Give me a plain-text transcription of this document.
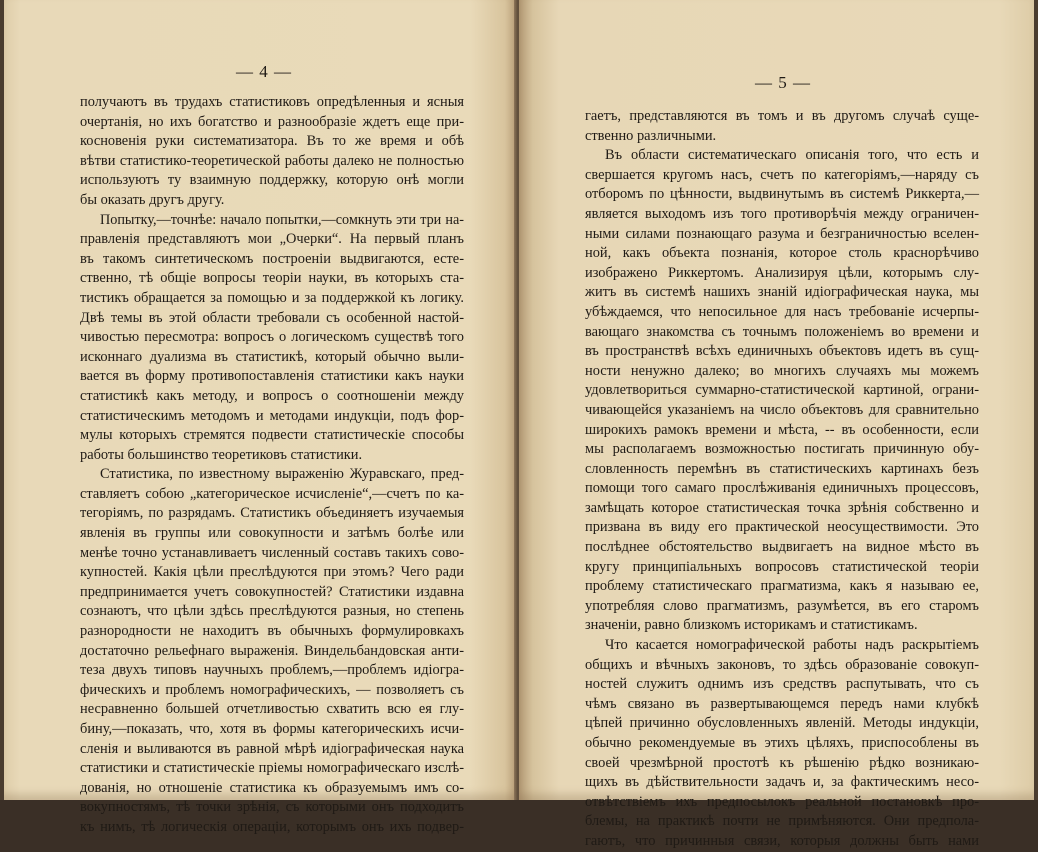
— 4 —
получаютъ въ трудахъ статистиковъ опредѣленныя и ясныя
очертанія, но ихъ богатство и разнообразіе ждетъ еще при-
косновенія руки систематизатора. Въ то же время и обѣ
вѣтви статистико-теоретической работы далеко не полностью
используютъ ту взаимную поддержку, которую онѣ могли
бы оказать другъ другу.
Попытку,—точнѣе: начало попытки,—сомкнуть эти три на-
правленія представляютъ мои „Очерки“. На первый планъ
въ такомъ синтетическомъ построеніи выдвигаются, есте-
ственно, тѣ общіе вопросы теоріи науки, въ которыхъ ста-
тистикъ обращается за помощью и за поддержкой къ логику.
Двѣ темы въ этой области требовали съ особенной настой-
чивостью пересмотра: вопросъ о логическомъ существѣ того
исконнаго дуализма въ статистикѣ, который обычно выли-
вается въ форму противопоставленія статистики какъ науки
статистикѣ какъ методу, и вопросъ о соотношеніи между
статистическимъ методомъ и методами индукціи, подъ фор-
мулы которыхъ стремятся подвести статистическіе способы
работы большинство теоретиковъ статистики.
Статистика, по известному выраженію Журавскаго, пред-
ставляетъ собою „категорическое исчисленіе“,—счетъ по ка-
тегоріямъ, по разрядамъ. Статистикъ объединяетъ изучаемыя
явленія въ группы или совокупности и затѣмъ болѣе или
менѣе точно устанавливаетъ численный составъ такихъ сово-
купностей. Какія цѣли преслѣдуются при этомъ? Чего ради
предпринимается учетъ совокупностей? Статистики издавна
сознаютъ, что цѣли здѣсь преслѣдуются разныя, но степень
разнородности не находитъ въ обычныхъ формулировкахъ
достаточно рельефнаго выраженія. Виндельбандовская анти-
теза двухъ типовъ научныхъ проблемъ,—проблемъ идіогра-
фическихъ и проблемъ номографическихъ, — позволяетъ съ
несравненно большей отчетливостью схватить всю ея глу-
бину,—показать, что, хотя въ формы категорическихъ исчи-
сленія и выливаются въ равной мѣрѣ идіографическая наука
статистики и статистическіе пріемы номографическаго изслѣ-
дованія, но отношеніе статистика къ образуемымъ имъ со-
вокупностямъ, тѣ точки зрѣнія, съ которыми онъ подходитъ
къ нимъ, тѣ логическія операціи, которымъ онъ ихъ подвер-
— 5 —
гаетъ, представляются въ томъ и въ другомъ случаѣ суще-
ственно различными.
Въ области систематическаго описанія того, что есть и
свершается кругомъ насъ, счетъ по категоріямъ,—наряду съ
отборомъ по цѣнности, выдвинутымъ въ системѣ Риккерта,—
является выходомъ изъ того противорѣчія между ограничен-
ными силами познающаго разума и безграничностью вселен-
ной, какъ объекта познанія, которое столь краснорѣчиво
изображено Риккертомъ. Анализируя цѣли, которымъ слу-
житъ въ системѣ нашихъ знаній идіографическая наука, мы
убѣждаемся, что непосильное для насъ требованіе исчерпы-
вающаго знакомства съ точнымъ положеніемъ во времени и
въ пространствѣ всѣхъ единичныхъ объектовъ идетъ въ сущ-
ности ненужно далеко; во многихъ случаяхъ мы можемъ
удовлетвориться суммарно-статистической картиной, ограни-
чивающейся указаніемъ на число объектовъ для сравнительно
широкихъ рамокъ времени и мѣста, -- въ особенности, если
мы располагаемъ возможностью постигать причинную обу-
словленность перемѣнъ въ статистическихъ картинахъ безъ
помощи того самаго прослѣживанія единичныхъ процессовъ,
замѣщать которое статистическая точка зрѣнія собственно и
призвана въ виду его практической неосуществимости. Это
послѣднее обстоятельство выдвигаетъ на видное мѣсто въ
кругу принципіальныхъ вопросовъ статистической теоріи
проблему статистическаго прагматизма, какъ я называю ее,
употребляя слово прагматизмъ, разумѣется, въ его старомъ
значеніи, равно близкомъ историкамъ и статистикамъ.
Что касается номографической работы надъ раскрытіемъ
общихъ и вѣчныхъ законовъ, то здѣсь образованіе совокуп-
ностей служитъ однимъ изъ средствъ распутывать, что съ
чѣмъ связано въ развертывающемся передъ нами клубкѣ
цѣпей причинно обусловленныхъ явленій. Методы индукціи,
обычно рекомендуемые въ этихъ цѣляхъ, приспособлены въ
своей чрезмѣрной простотѣ къ рѣшенію рѣдко возникаю-
щихъ въ дѣйствительности задачъ и, за фактическимъ несо-
отвѣтствіемъ ихъ предпосылокъ реальной постановкѣ про-
блемы, на практикѣ почти не примѣняются. Они предпола-
гаютъ, что причинныя связи, которыя должны быть нами
